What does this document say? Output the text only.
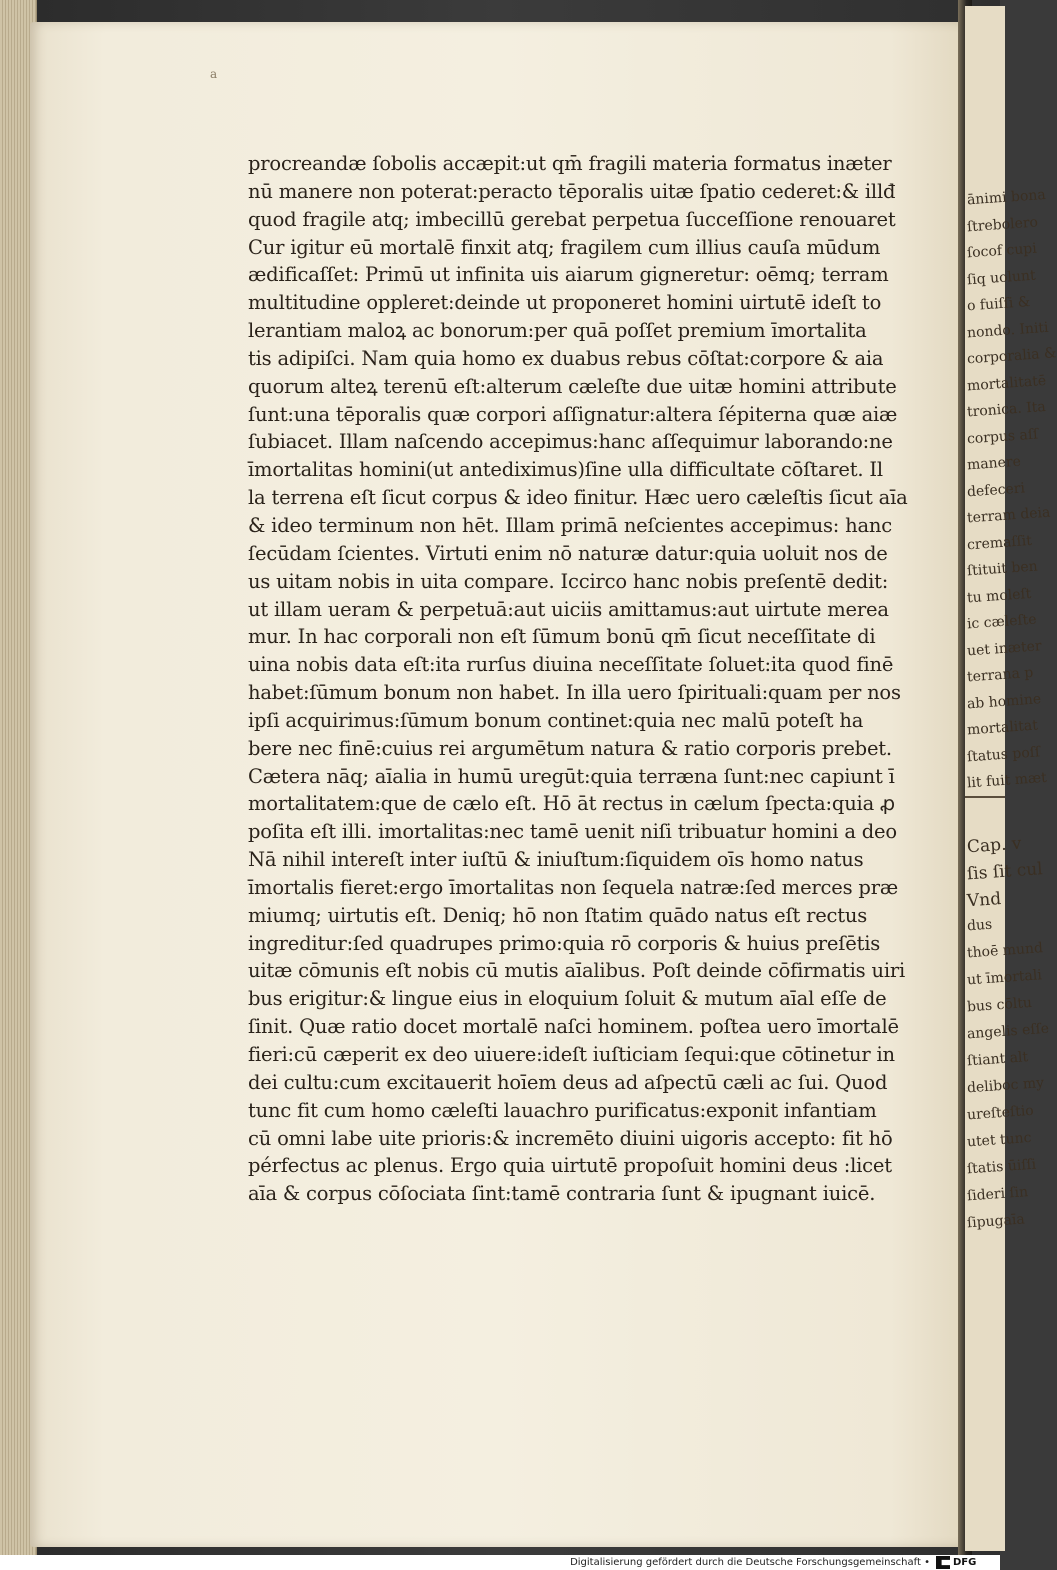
a
ānimi bona
ſtrebolero
ſocof cupi
ſiq uolunt
o fuiſſi &
nondo. Initi
corporalia &
mortalitatē
tronica. Ita
corpus aſſ
manere
defeceri
terram deia
cremaſſit
ſtituit ben
tu moleſt
ic cæleſte
uet inæter
terrana p
ab homine
mortalitat
ſtatus poſſ
lit fuit mæt
Cap. v
ſis ſit cul
Vnd
dus
thoē mund
ut īmortali
bus cōltu
angelis eſſe
ſtiant alt
deliboc my
ureſteſtio
utet tunc
ſtatis ūiſſi
ſideri ſin
ſipugaīa
procreandæ ſobolis accæpit:ut qm̄ fragili materia formatus inæter
nū manere non poterat:peracto tēporalis uitæ ſpatio cederet:& illđ
quod fragile atq; imbecillū gerebat perpetua ſucceſſione renouaret
Cur igitur eū mortalē finxit atq; fragilem cum illius cauſa mūdum
ædificaſſet: Primū ut infinita uis aiarum gigneretur: oēmq; terram
multitudine oppleret:deinde ut proponeret homini uirtutē ideſt to
lerantiam maloꝝ ac bonorum:per quā poſſet premium īmortalita
tis adipiſci. Nam quia homo ex duabus rebus cōſtat:corpore & aia
quorum alteꝝ terenū eſt:alterum cæleſte due uitæ homini attribute
ſunt:una tēporalis quæ corpori aſſignatur:altera ſépiterna quæ aiæ
ſubiacet. Illam naſcendo accepimus:hanc aſſequimur laborando:ne
īmortalitas homini(ut antediximus)ſine ulla difficultate cōſtaret. Il
la terrena eſt ſicut corpus & ideo finitur. Hæc uero cæleſtis ſicut aīa
& ideo terminum non hēt. Illam primā neſcientes accepimus: hanc
ſecūdam ſcientes. Virtuti enim nō naturæ datur:quia uoluit nos de
us uitam nobis in uita compare. Iccirco hanc nobis preſentē dedit:
ut illam ueram & perpetuā:aut uiciis amittamus:aut uirtute merea
mur. In hac corporali non eſt ſūmum bonū qm̄ ſicut neceſſitate di
uina nobis data eſt:ita rurſus diuina neceſſitate ſoluet:ita quod finē
habet:ſūmum bonum non habet. In illa uero ſpirituali:quam per nos
ipſi acquirimus:ſūmum bonum continet:quia nec malū poteſt ha
bere nec finē:cuius rei argumētum natura & ratio corporis prebet.
Cætera nāq; aīalia in humū uregūt:quia terræna ſunt:nec capiunt ī
mortalitatem:que de cælo eſt. Hō āt rectus in cælum ſpecta:quia ꝓ
poſita eſt illi. imortalitas:nec tamē uenit niſi tribuatur homini a deo
Nā nihil intereſt inter iuſtū & iniuſtum:ſiquidem oīs homo natus
īmortalis fieret:ergo īmortalitas non ſequela natræ:ſed merces præ
miumq; uirtutis eſt. Deniq; hō non ſtatim quādo natus eſt rectus
ingreditur:ſed quadrupes primo:quia rō corporis & huius preſētis
uitæ cōmunis eſt nobis cū mutis aīalibus. Poſt deinde cōfirmatis uiri
bus erigitur:& lingue eius in eloquium ſoluit & mutum aīal eſſe de
ſinit. Quæ ratio docet mortalē naſci hominem. poſtea uero īmortalē
fieri:cū cæperit ex deo uiuere:ideſt iuſticiam ſequi:que cōtinetur in
dei cultu:cum excitauerit hoīem deus ad aſpectū cæli ac ſui. Quod
tunc fit cum homo cæleſti lauachro purificatus:exponit infantiam
cū omni labe uite prioris:& incremēto diuini uigoris accepto: fit hō
pérfectus ac plenus. Ergo quia uirtutē propoſuit homini deus :licet
aīa & corpus cōſociata ſint:tamē contraria ſunt & ipugnant iuicē.
Digitalisierung gefördert durch die Deutsche Forschungsgemeinschaft • DFG
